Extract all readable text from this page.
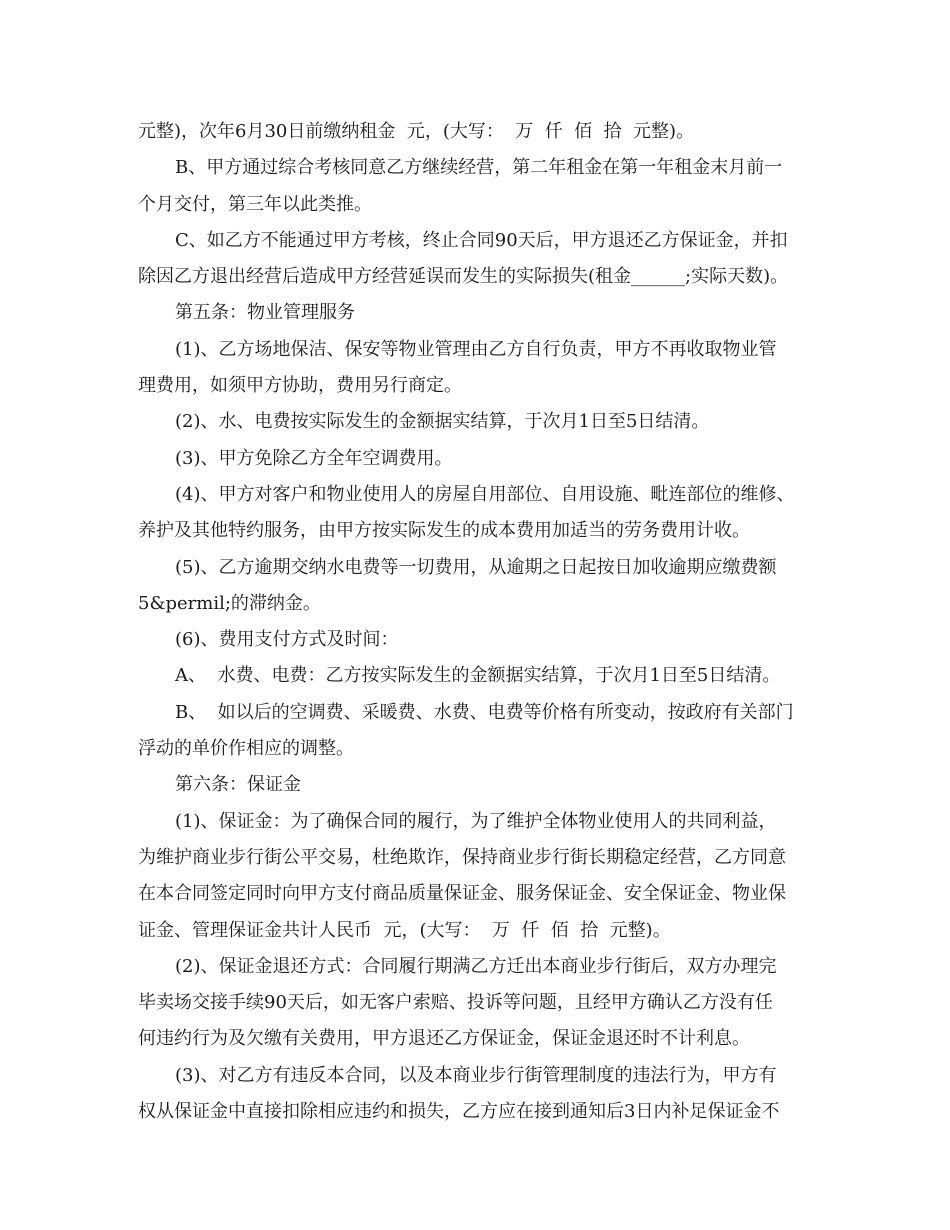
元整)，次年6月30日前缴纳租金  元，(大写：  万  仟  佰  拾  元整)。
B、甲方通过综合考核同意乙方继续经营，第二年租金在第一年租金末月前一
个月交付，第三年以此类推。
C、如乙方不能通过甲方考核，终止合同90天后，甲方退还乙方保证金，并扣
除因乙方退出经营后造成甲方经营延误而发生的实际损失(租金______;实际天数)。
第五条：物业管理服务
(1)、乙方场地保洁、保安等物业管理由乙方自行负责，甲方不再收取物业管
理费用，如须甲方协助，费用另行商定。
(2)、水、电费按实际发生的金额据实结算，于次月1日至5日结清。
(3)、甲方免除乙方全年空调费用。
(4)、甲方对客户和物业使用人的房屋自用部位、自用设施、毗连部位的维修、
养护及其他特约服务，由甲方按实际发生的成本费用加适当的劳务费用计收。
(5)、乙方逾期交纳水电费等一切费用，从逾期之日起按日加收逾期应缴费额
5&permil;的滞纳金。
(6)、费用支付方式及时间：
A、  水费、电费：乙方按实际发生的金额据实结算，于次月1日至5日结清。
B、  如以后的空调费、采暖费、水费、电费等价格有所变动，按政府有关部门
浮动的单价作相应的调整。
第六条：保证金
(1)、保证金：为了确保合同的履行，为了维护全体物业使用人的共同利益，
为维护商业步行街公平交易，杜绝欺诈，保持商业步行街长期稳定经营，乙方同意
在本合同签定同时向甲方支付商品质量保证金、服务保证金、安全保证金、物业保
证金、管理保证金共计人民币  元，(大写：  万  仟  佰  拾  元整)。
(2)、保证金退还方式：合同履行期满乙方迁出本商业步行街后，双方办理完
毕卖场交接手续90天后，如无客户索赔、投诉等问题，且经甲方确认乙方没有任
何违约行为及欠缴有关费用，甲方退还乙方保证金，保证金退还时不计利息。
(3)、对乙方有违反本合同，以及本商业步行街管理制度的违法行为，甲方有
权从保证金中直接扣除相应违约和损失，乙方应在接到通知后3日内补足保证金不
